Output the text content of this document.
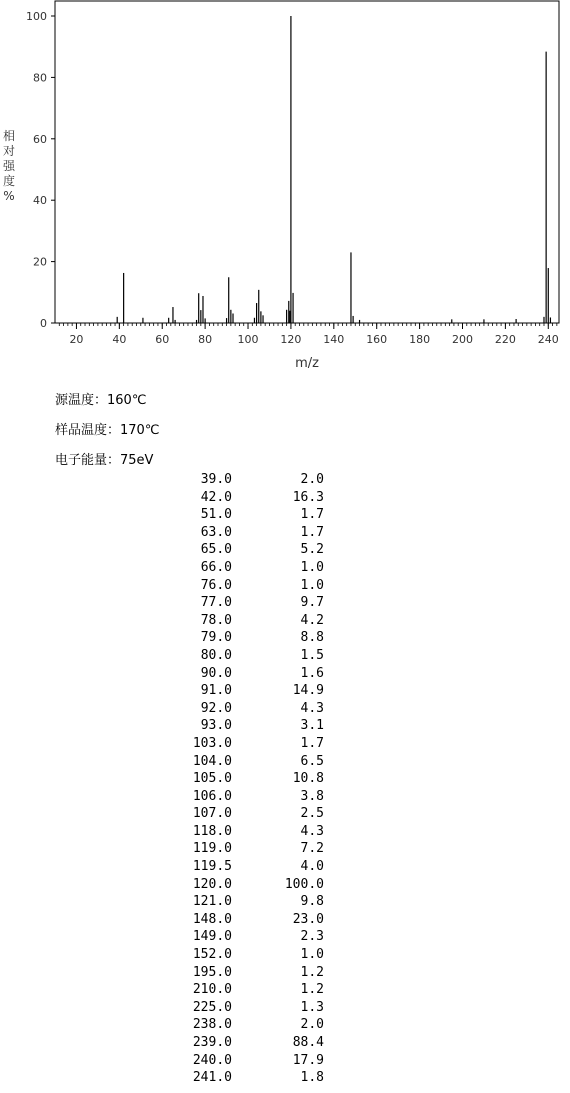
0
20
40
60
80
100
20	40	60	80 100 120 140 160 180 200 220 240
相对强度%
m/z
源温度：160℃
样品温度：170℃
电子能量：75eV
39.0	2.0
42.0	16.3
51.0	1.7
63.0	1.7
65.0	5.2
66.0	1.0
76.0	1.0
77.0	9.7
78.0	4.2
79.0	8.8
80.0	1.5
90.0	1.6
91.0	14.9
92.0	4.3
93.0	3.1
103.0	1.7
104.0	6.5
105.0	10.8
106.0	3.8
107.0	2.5
118.0	4.3
119.0	7.2
119.5	4.0
120.0	100.0
121.0	9.8
148.0	23.0
149.0	2.3
152.0	1.0
195.0	1.2
210.0	1.2
225.0	1.3
238.0	2.0
239.0	88.4
240.0	17.9
241.0	1.8
